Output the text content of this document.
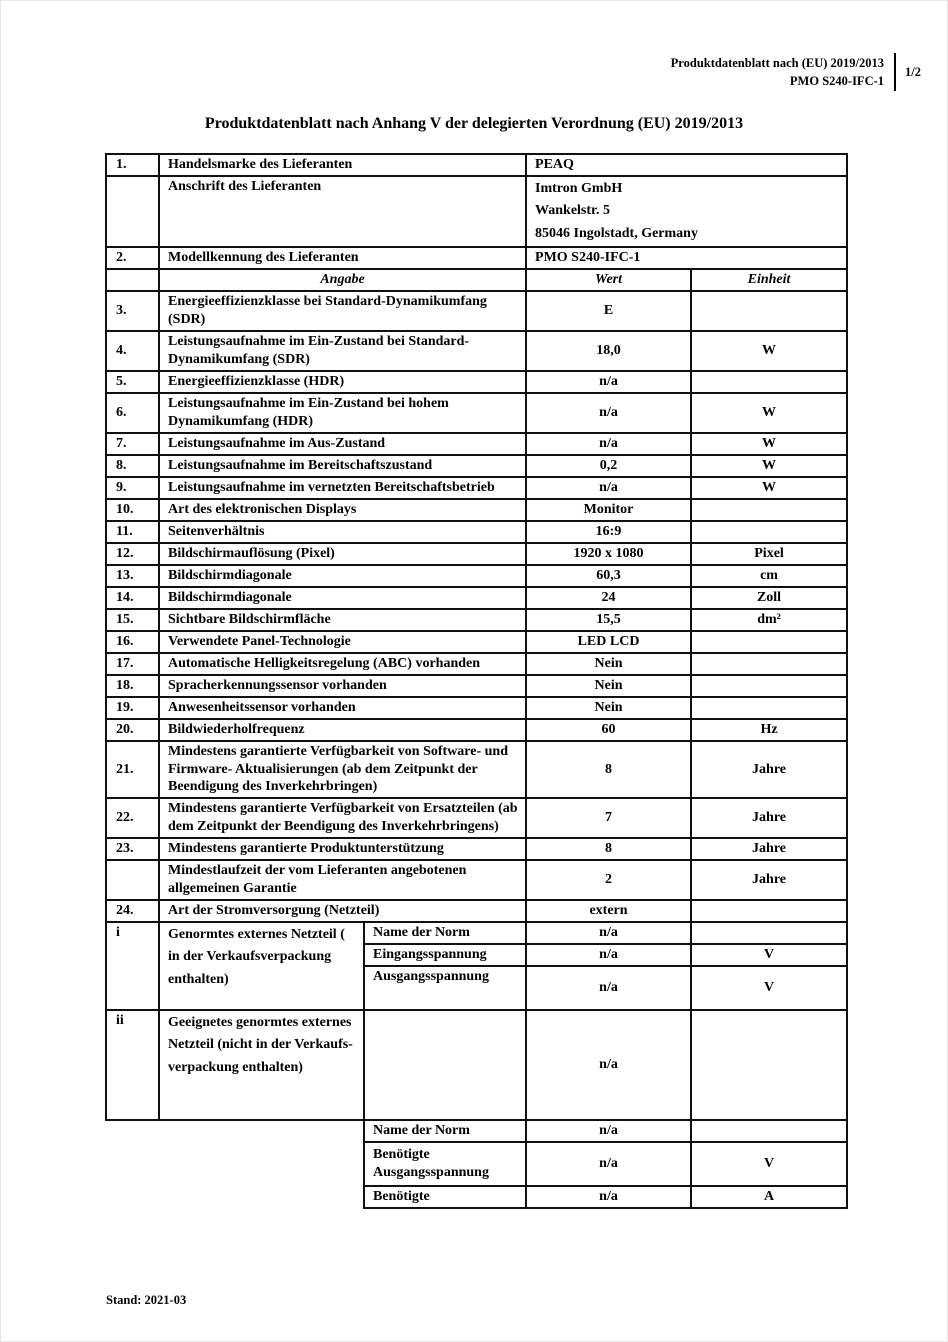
Produktdatenblatt nach (EU) 2019/2013
PMO S240-IFC-1
1/2
Produktdatenblatt nach Anhang V der delegierten Verordnung (EU) 2019/2013
1.	Handelsmarke des Lieferanten		PEAQ	
	Anschrift des Lieferanten		Imtron GmbH
Wankelstr. 5
85046 Ingolstadt, Germany	

2.	Modellkennung des Lieferanten		PMO S240-IFC-1	
	Angabe		Wert	Einheit
3.	Energieeffizienzklasse bei Standard-Dynamikumfang (SDR)		E	
4.	Leistungsaufnahme im Ein-Zustand bei Standard-Dynamikumfang (SDR)		18,0	W
5.	Energieeffizienzklasse (HDR)		n/a	
6.	Leistungsaufnahme im Ein-Zustand bei hohem Dynamikumfang (HDR)		n/a	W
7.	Leistungsaufnahme im Aus-Zustand		n/a	W
8.	Leistungsaufnahme im Bereitschaftszustand		0,2	W
9.	Leistungsaufnahme im vernetzten Bereitschaftsbetrieb		n/a	W
10.	Art des elektronischen Displays		Monitor	
11.	Seitenverhältnis		16:9	
12.	Bildschirmauflösung (Pixel)		1920 x 1080	Pixel
13.	Bildschirmdiagonale		60,3	cm
14.	Bildschirmdiagonale		24	Zoll
15.	Sichtbare Bildschirmfläche		15,5	dm²
16.	Verwendete Panel-Technologie		LED LCD	
17.	Automatische Helligkeitsregelung (ABC) vorhanden		Nein	
18.	Spracherkennungssensor vorhanden		Nein	
19.	Anwesenheitssensor vorhanden		Nein	
20.	Bildwiederholfrequenz		60	Hz
21.	Mindestens garantierte Verfügbarkeit von Software- und Firmware- Aktualisierungen (ab dem Zeitpunkt der Beendigung des Inverkehrbringen)		8	Jahre
22.	Mindestens garantierte Verfügbarkeit von Ersatzteilen (ab dem Zeitpunkt der Beendigung des Inverkehrbringens)		7	Jahre
23.	Mindestens garantierte Produktunterstützung		8	Jahre
	Mindestlaufzeit der vom Lieferanten angebotenen allgemeinen Garantie		2	Jahre
24.	Art der Stromversorgung (Netzteil)		extern	
i	Genormtes externes Netzteil ( in der Verkaufsverpackung enthalten)	Name der Norm	n/a	
		Eingangsspannung	n/a	V
		Ausgangsspannung	n/a	V
ii	Geeignetes genormtes externes Netzteil (nicht in der Verkaufs- verpackung enthalten)		n/a	
		Name der Norm	n/a	
		Benötigte Ausgangsspannung	n/a	V
		Benötigte	n/a	A
Stand: 2021-03
